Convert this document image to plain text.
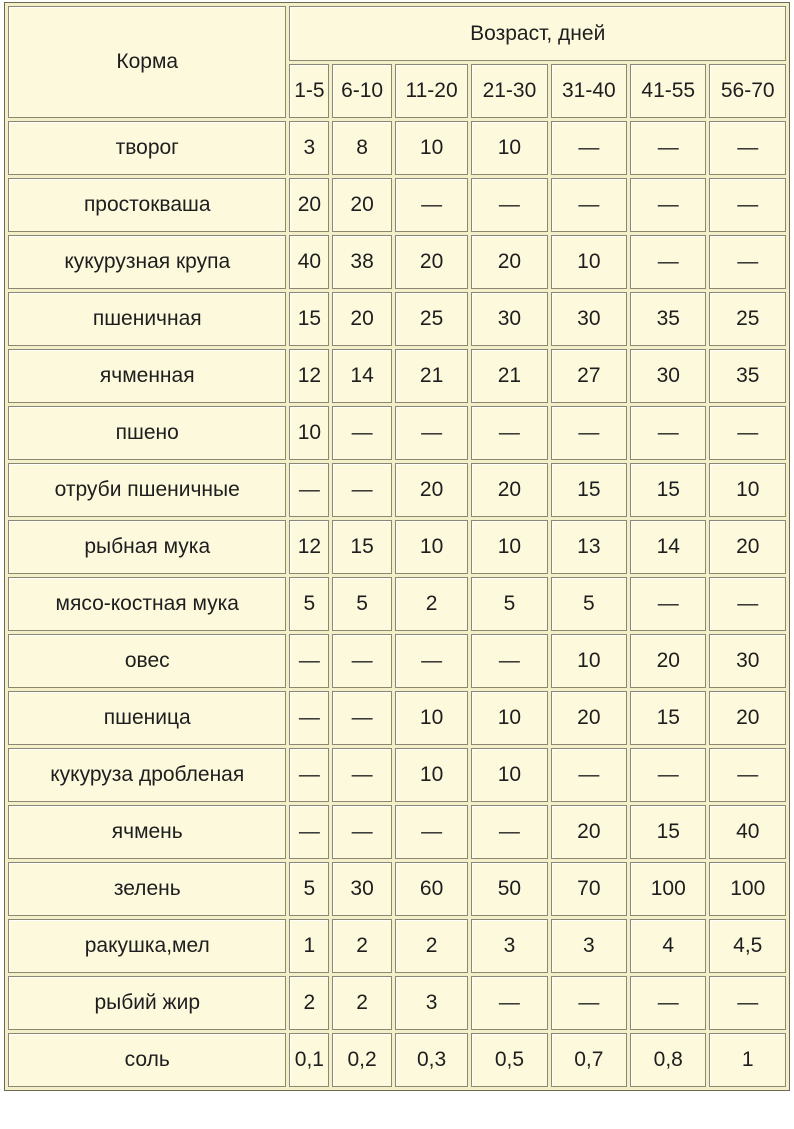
Корма	Возраст, дней						
	1-5	6-10	11-20	21-30	31-40	41-55	56-70
творог	3	8	10	10	—	—	—
простокваша	20	20	—	—	—	—	—
кукурузная крупа	40	38	20	20	10	—	—
пшеничная	15	20	25	30	30	35	25
ячменная	12	14	21	21	27	30	35
пшено	10	—	—	—	—	—	—
отруби пшеничные	—	—	20	20	15	15	10
рыбная мука	12	15	10	10	13	14	20
мясо-костная мука	5	5	2	5	5	—	—
овес	—	—	—	—	10	20	30
пшеница	—	—	10	10	20	15	20
кукуруза дробленая	—	—	10	10	—	—	—
ячмень	—	—	—	—	20	15	40
зелень	5	30	60	50	70	100	100
ракушка,мел	1	2	2	3	3	4	4,5
рыбий жир	2	2	3	—	—	—	—
соль	0,1	0,2	0,3	0,5	0,7	0,8	1
